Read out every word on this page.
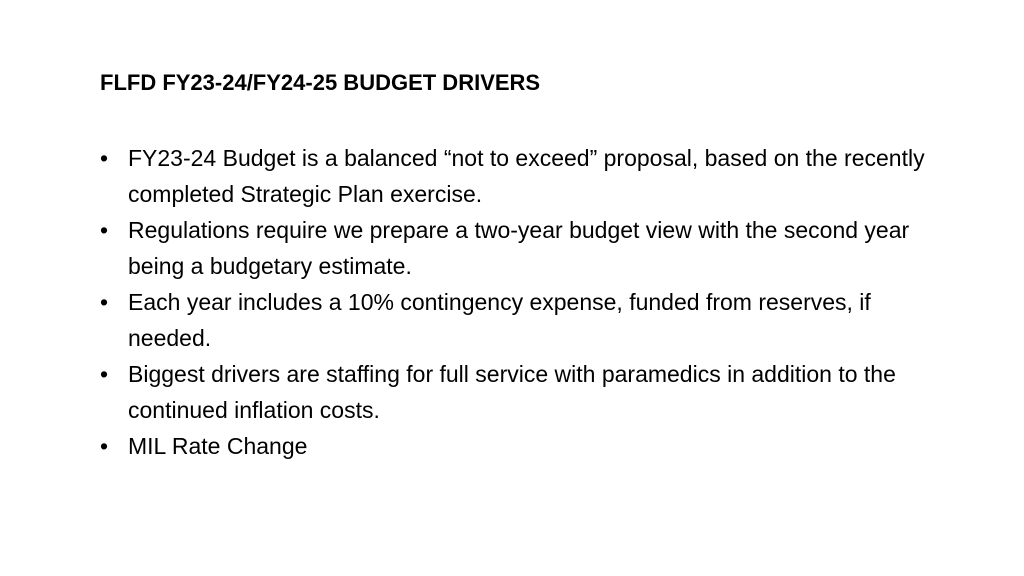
FLFD FY23-24/FY24-25 BUDGET DRIVERS
• FY23-24 Budget is a balanced “not to exceed” proposal, based on the recently completed Strategic Plan exercise.
• Regulations require we prepare a two-year budget view with the second year being a budgetary estimate.
• Each year includes a 10% contingency expense, funded from reserves, if needed.
• Biggest drivers are staffing for full service with paramedics in addition to the continued inflation costs.
• MIL Rate Change
